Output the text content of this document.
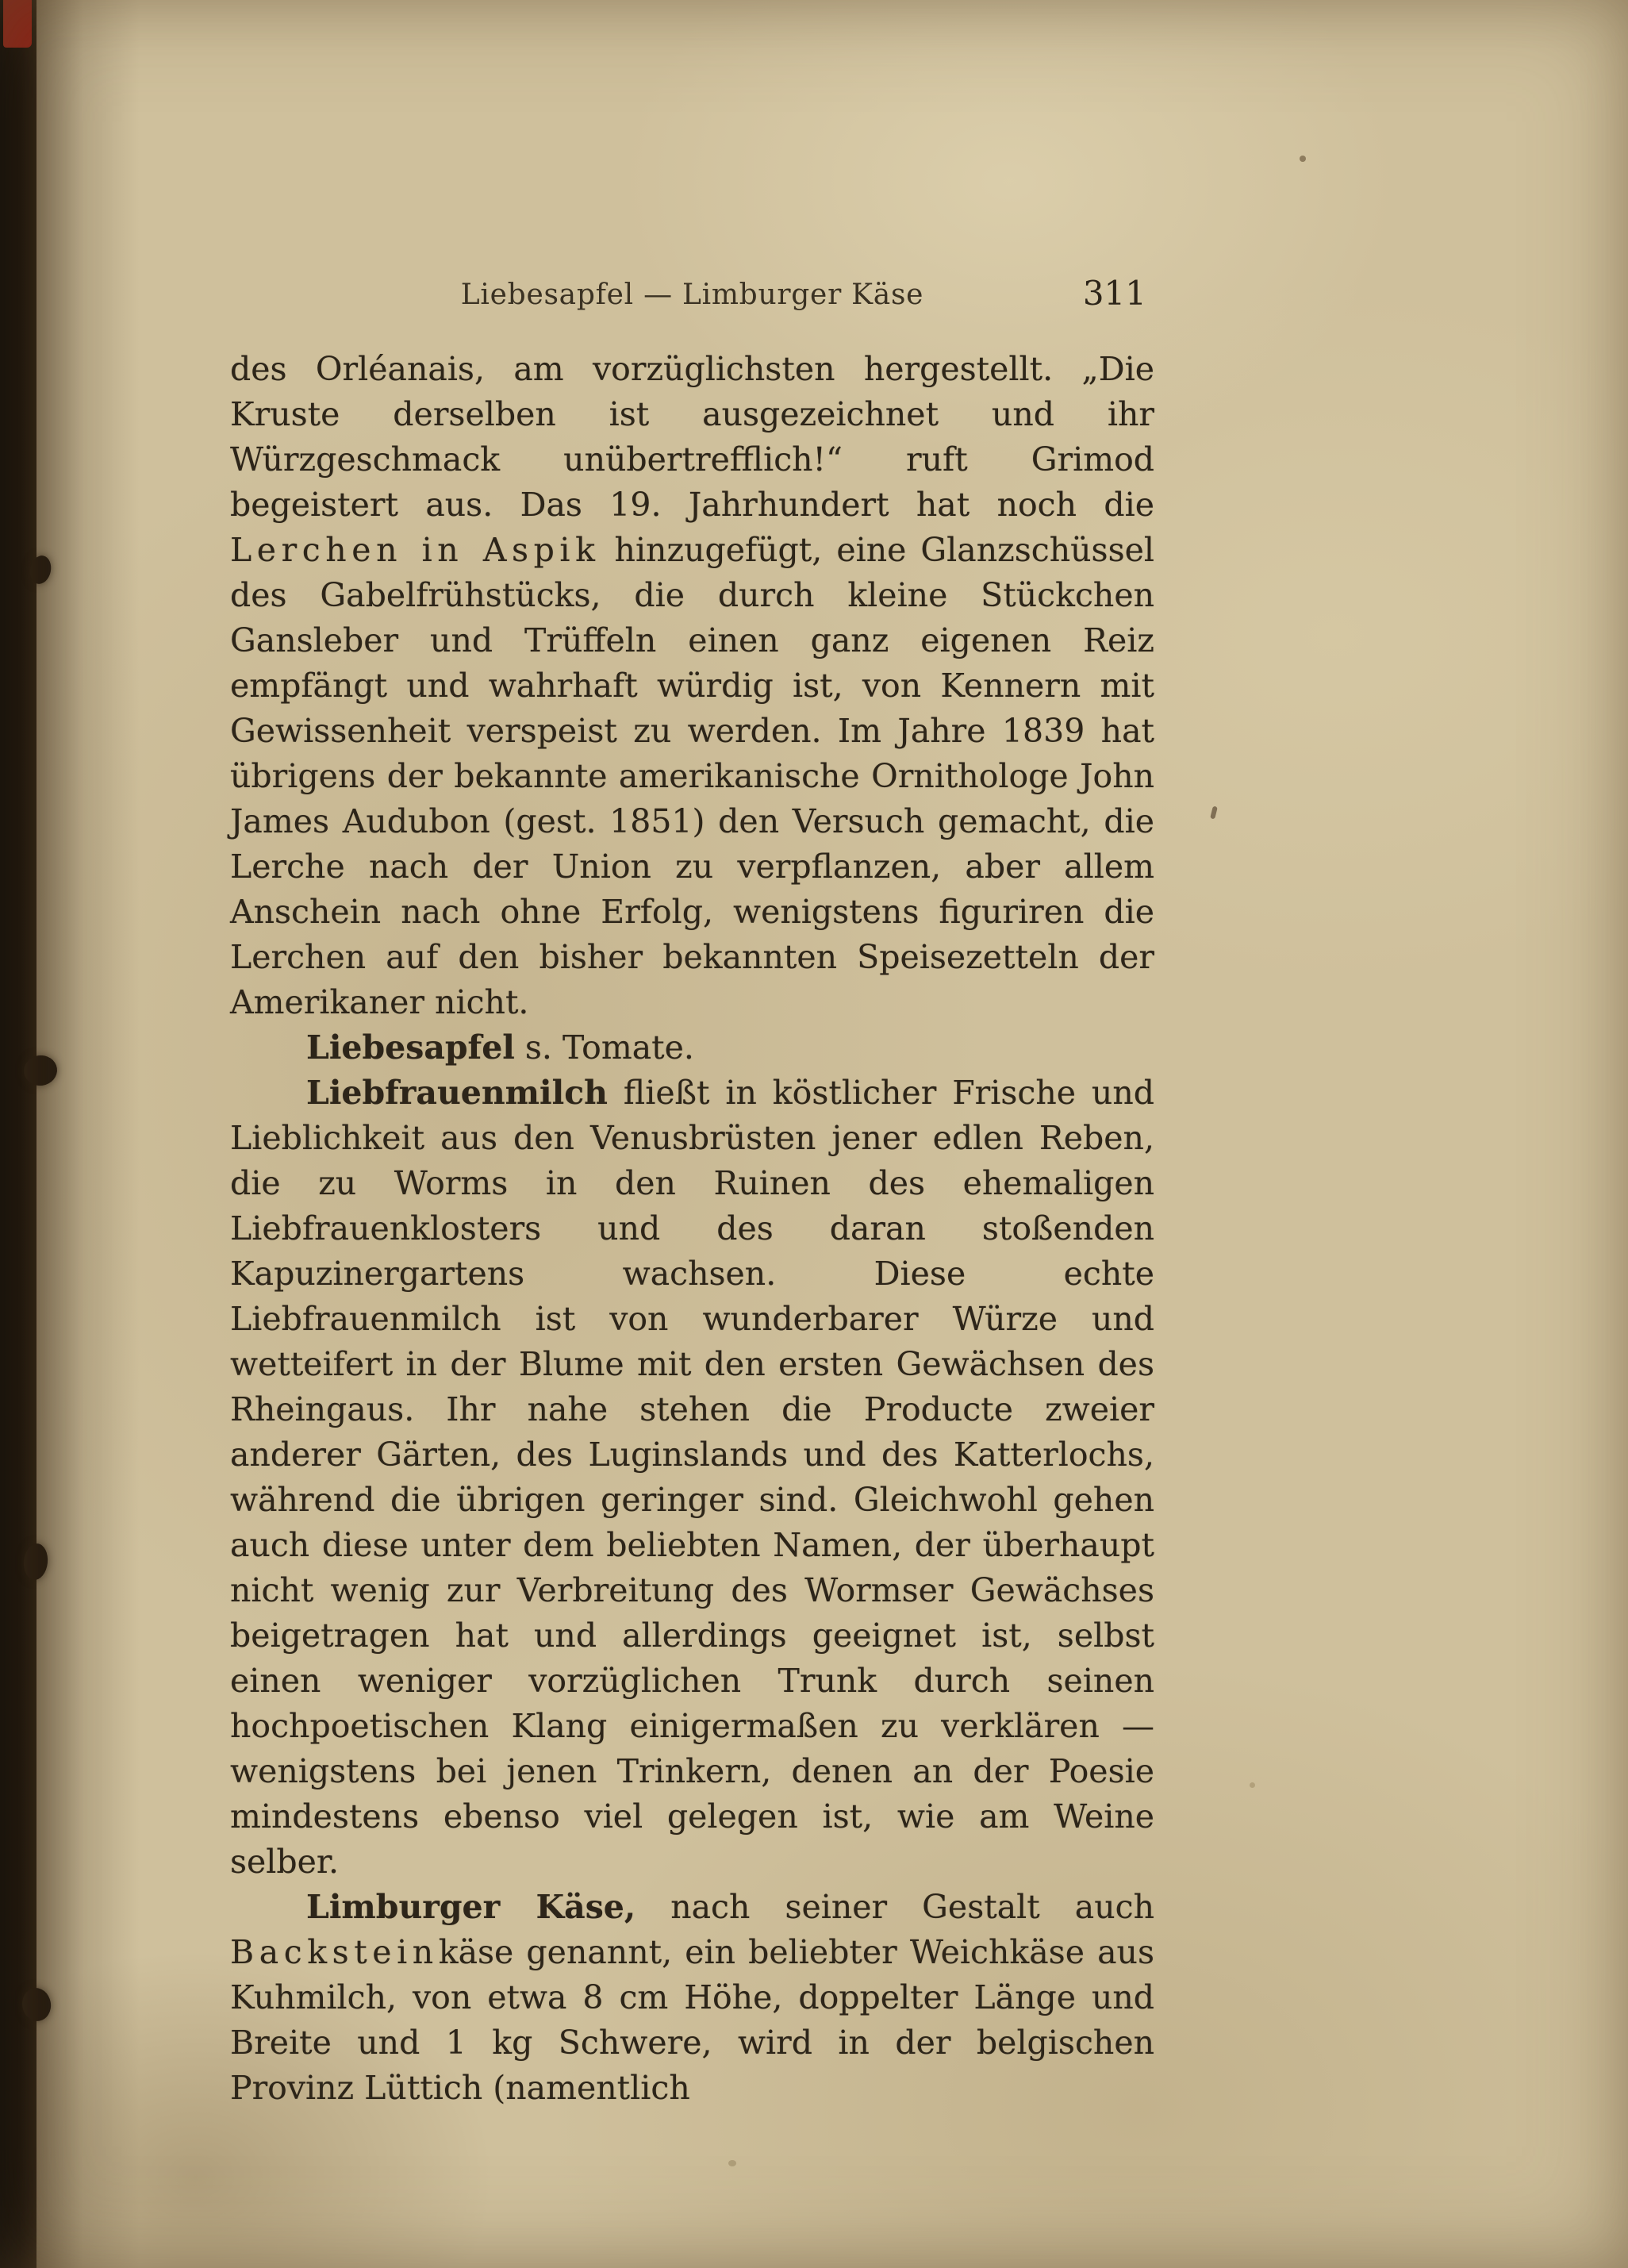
Liebesapfel — Limburger Käse	311

des Orléanais, am vorzüglichsten hergestellt. „Die Kruste derselben ist ausgezeichnet und ihr Würzgeschmack unübertrefflich!“ ruft Grimod begeistert aus. Das 19. Jahrhundert hat noch die Lerchen in Aspik hinzugefügt, eine Glanzschüssel des Gabelfrühstücks, die durch kleine Stückchen Gansleber und Trüffeln einen ganz eigenen Reiz empfängt und wahrhaft würdig ist, von Kennern mit Gewissenheit verspeist zu werden. Im Jahre 1839 hat übrigens der bekannte amerikanische Ornithologe John James Audubon (gest. 1851) den Versuch gemacht, die Lerche nach der Union zu verpflanzen, aber allem Anschein nach ohne Erfolg, wenigstens figuriren die Lerchen auf den bisher bekannten Speisezetteln der Amerikaner nicht.

Liebesapfel s. Tomate.

Liebfrauenmilch fließt in köstlicher Frische und Lieblichkeit aus den Venusbrüsten jener edlen Reben, die zu Worms in den Ruinen des ehemaligen Liebfrauenklosters und des daran stoßenden Kapuzinergartens wachsen. Diese echte Liebfrauenmilch ist von wunderbarer Würze und wetteifert in der Blume mit den ersten Gewächsen des Rheingaus. Ihr nahe stehen die Producte zweier anderer Gärten, des Luginslands und des Katterlochs, während die übrigen geringer sind. Gleichwohl gehen auch diese unter dem beliebten Namen, der überhaupt nicht wenig zur Verbreitung des Wormser Gewächses beigetragen hat und allerdings geeignet ist, selbst einen weniger vorzüglichen Trunk durch seinen hochpoetischen Klang einigermaßen zu verklären — wenigstens bei jenen Trinkern, denen an der Poesie mindestens ebenso viel gelegen ist, wie am Weine selber.

Limburger Käse, nach seiner Gestalt auch Backsteinkäse genannt, ein beliebter Weichkäse aus Kuhmilch, von etwa 8 cm Höhe, doppelter Länge und Breite und 1 kg Schwere, wird in der belgischen Provinz Lüttich (namentlich
